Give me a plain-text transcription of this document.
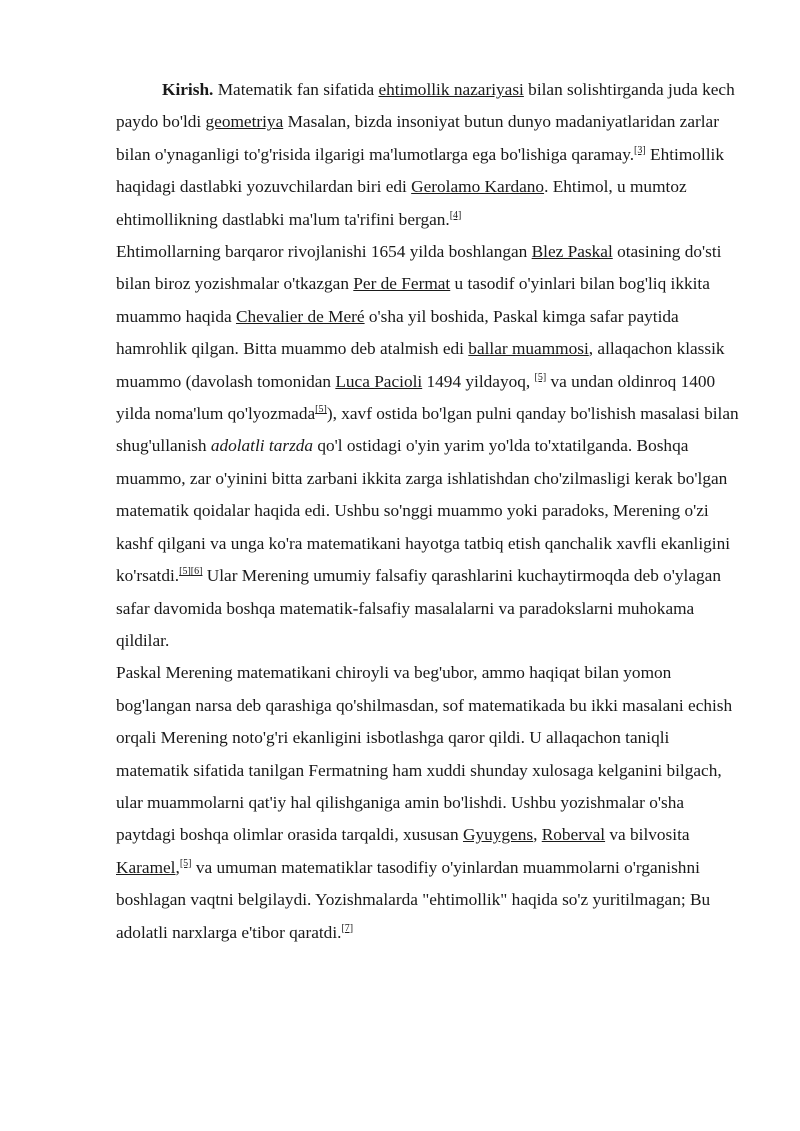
Kirish. Matematik fan sifatida ehtimollik nazariyasi bilan solishtirganda juda kech paydo bo'ldi geometriya Masalan, bizda insoniyat butun dunyo madaniyatlaridan zarlar bilan o'ynaganligi to'g'risida ilgarigi ma'lumotlarga ega bo'lishiga qaramay.[3] Ehtimollik haqidagi dastlabki yozuvchilardan biri edi Gerolamo Kardano. Ehtimol, u mumtoz ehtimollikning dastlabki ma'lum ta'rifini bergan.[4]

Ehtimollarning barqaror rivojlanishi 1654 yilda boshlangan Blez Paskal otasining do'sti bilan biroz yozishmalar o'tkazgan Per de Fermat u tasodif o'yinlari bilan bog'liq ikkita muammo haqida Chevalier de Meré o'sha yil boshida, Paskal kimga safar paytida hamrohlik qilgan. Bitta muammo deb atalmish edi ballar muammosi, allaqachon klassik muammo (davolash tomonidan Luca Pacioli 1494 yildayoq, [5] va undan oldinroq 1400 yilda noma'lum qo'lyozmada[5]), xavf ostida bo'lgan pulni qanday bo'lishish masalasi bilan shug'ullanish adolatli tarzda qo'l ostidagi o'yin yarim yo'lda to'xtatilganda. Boshqa muammo, zar o'yinini bitta zarbani ikkita zarga ishlatishdan cho'zilmasligi kerak bo'lgan matematik qoidalar haqida edi. Ushbu so'nggi muammo yoki paradoks, Merening o'zi kashf qilgani va unga ko'ra matematikani hayotga tatbiq etish qanchalik xavfli ekanligini ko'rsatdi.[5][6] Ular Merening umumiy falsafiy qarashlarini kuchaytirmoqda deb o'ylagan safar davomida boshqa matematik-falsafiy masalalarni va paradokslarni muhokama qildilar.

Paskal Merening matematikani chiroyli va beg'ubor, ammo haqiqat bilan yomon bog'langan narsa deb qarashiga qo'shilmasdan, sof matematikada bu ikki masalani echish orqali Merening noto'g'ri ekanligini isbotlashga qaror qildi. U allaqachon taniqli matematik sifatida tanilgan Fermatning ham xuddi shunday xulosaga kelganini bilgach, ular muammolarni qat'iy hal qilishganiga amin bo'lishdi. Ushbu yozishmalar o'sha paytdagi boshqa olimlar orasida tarqaldi, xususan Gyuygens, Roberval va bilvosita Karamel,[5] va umuman matematiklar tasodifiy o'yinlardan muammolarni o'rganishni boshlagan vaqtni belgilaydi. Yozishmalarda "ehtimollik" haqida so'z yuritilmagan; Bu adolatli narxlarga e'tibor qaratdi.[7]
